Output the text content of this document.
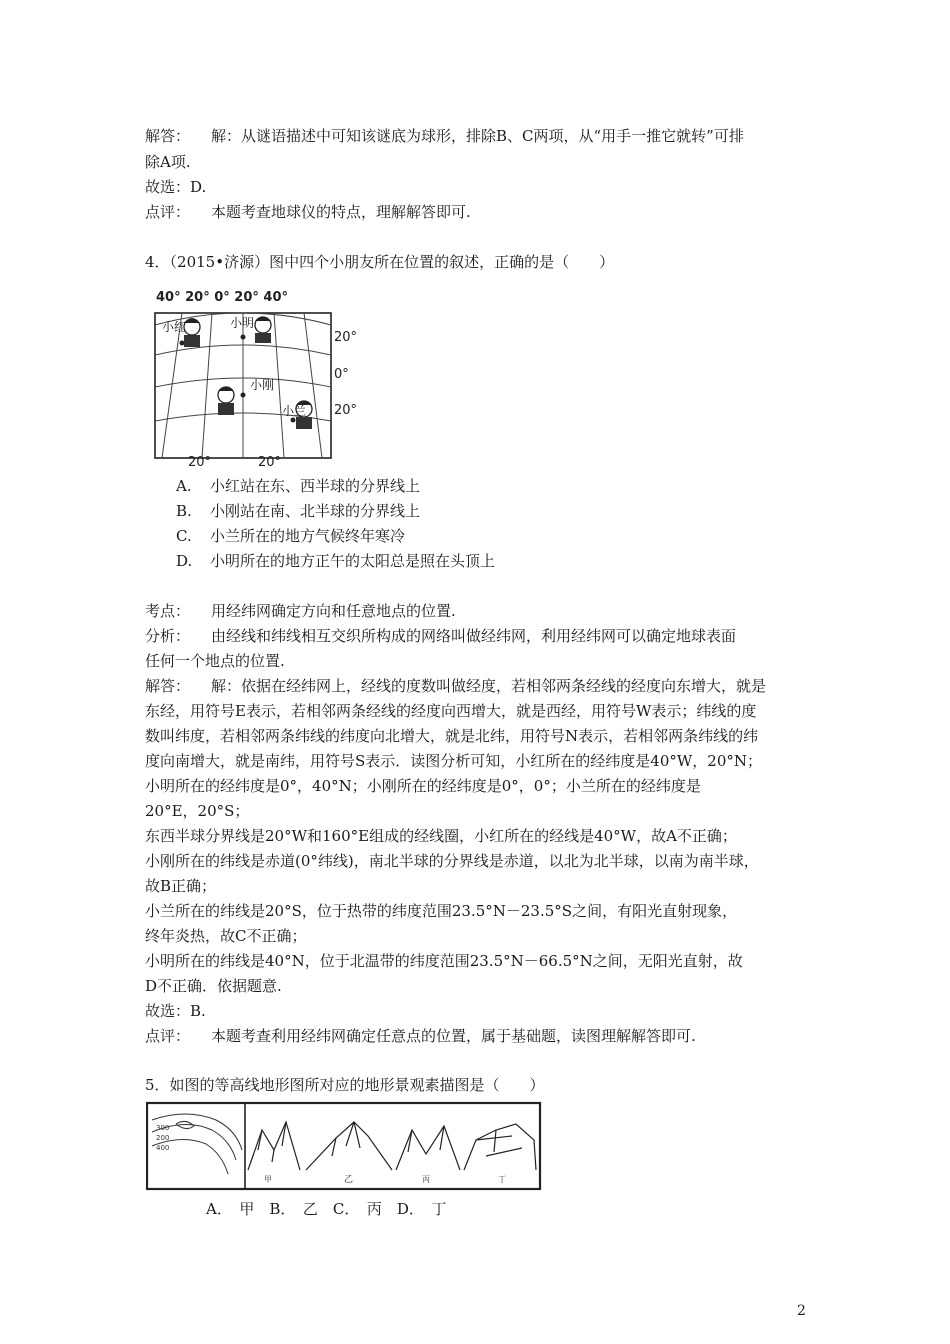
解答： 解：从谜语描述中可知该谜底为球形，排除B、C两项，从“用手一推它就转”可排
除A项.
故选：D.
点评： 本题考查地球仪的特点，理解解答即可.
4．（2015•济源）图中四个小朋友所在位置的叙述，正确的是（　　）
40° 20° 0° 20° 40°
20°
0°
20°
20°	20°
小红	小明
小刚
小兰
A. 小红站在东、西半球的分界线上
B. 小刚站在南、北半球的分界线上
C. 小兰所在的地方气候终年寒冷
D. 小明所在的地方正午的太阳总是照在头顶上
考点： 用经纬网确定方向和任意地点的位置.
分析： 由经线和纬线相互交织所构成的网络叫做经纬网，利用经纬网可以确定地球表面
任何一个地点的位置.
解答： 解：依据在经纬网上，经线的度数叫做经度，若相邻两条经线的经度向东增大，就是
东经，用符号E表示，若相邻两条经线的经度向西增大，就是西经，用符号W表示；纬线的度
数叫纬度，若相邻两条纬线的纬度向北增大，就是北纬，用符号N表示，若相邻两条纬线的纬
度向南增大，就是南纬，用符号S表示．读图分析可知，小红所在的经纬度是40°W，20°N；
小明所在的经纬度是0°，40°N；小刚所在的经纬度是0°，0°；小兰所在的经纬度是
20°E，20°S；
东西半球分界线是20°W和160°E组成的经线圈，小红所在的经线是40°W，故A不正确；
小刚所在的纬线是赤道(0°纬线)，南北半球的分界线是赤道，以北为北半球，以南为南半球，
故B正确；
小兰所在的纬线是20°S，位于热带的纬度范围23.5°N－23.5°S之间，有阳光直射现象，
终年炎热，故C不正确；
小明所在的纬线是40°N，位于北温带的纬度范围23.5°N－66.5°N之间，无阳光直射，故
D不正确．依据题意.
故选：B.
点评： 本题考查利用经纬网确定任意点的位置，属于基础题，读图理解解答即可.
5．如图的等高线地形图所对应的地形景观素描图是（　　）
300
200
400
甲	乙	丙	丁
A．　甲　B．　乙　C．　丙　D．　丁
2
